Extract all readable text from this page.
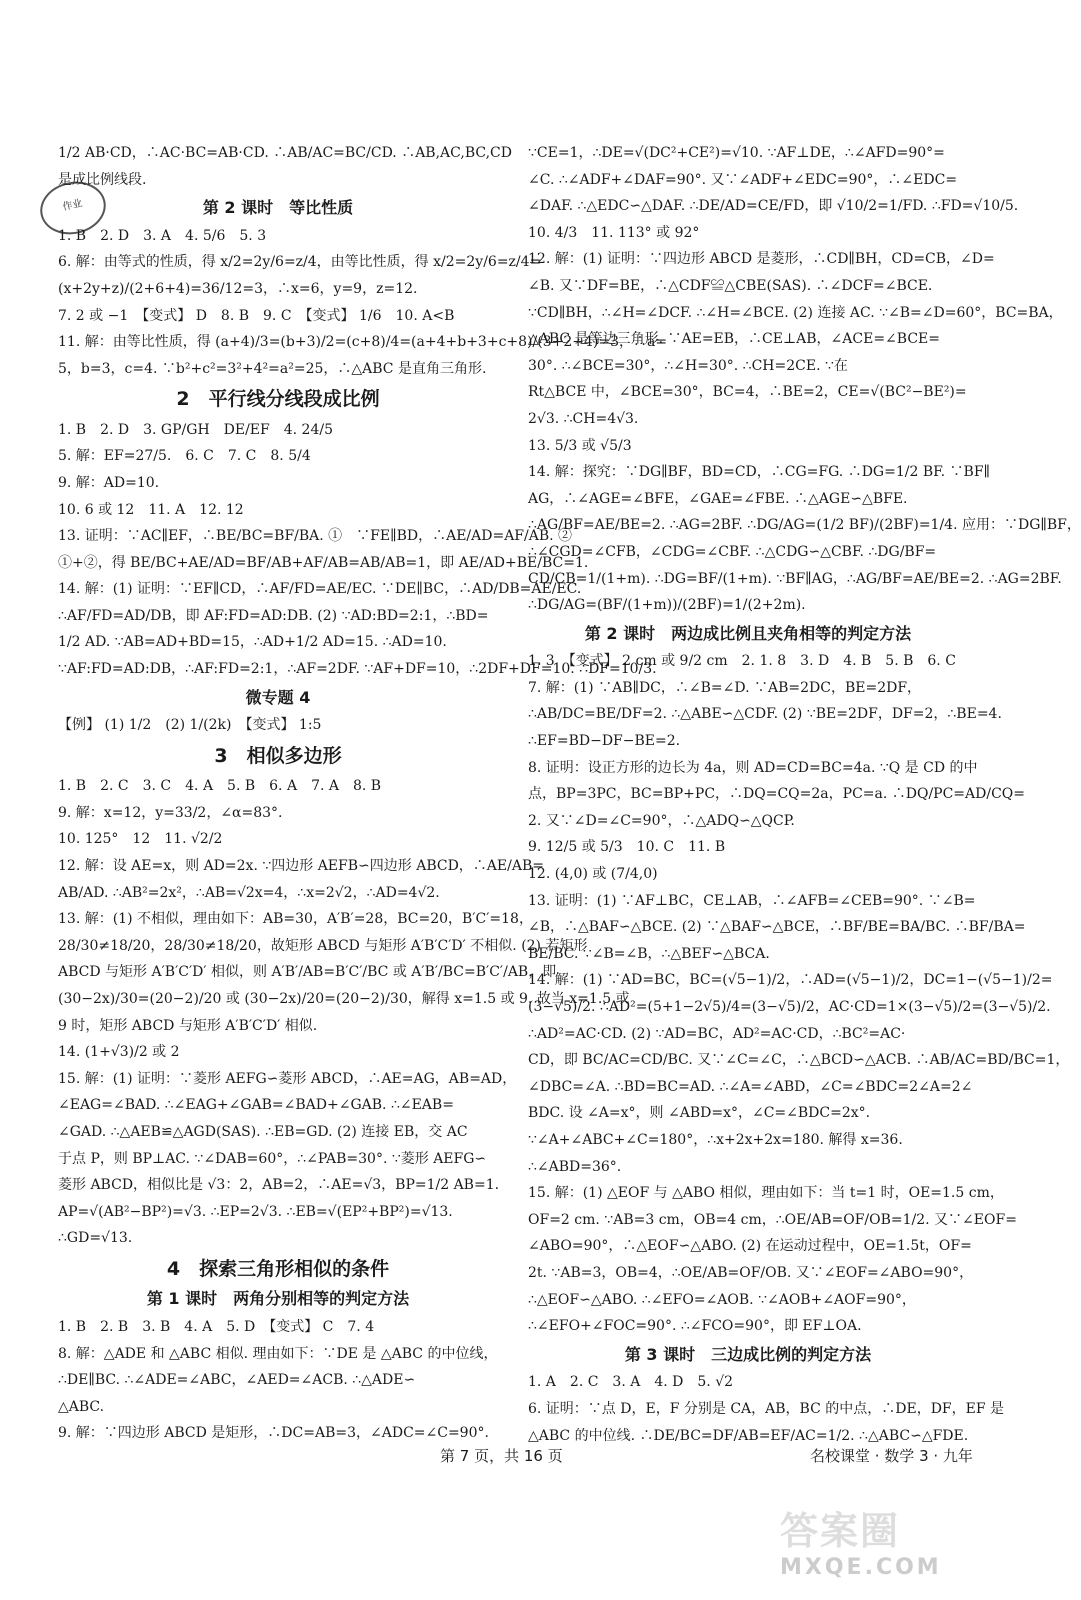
作业
1/2 AB·CD，∴AC·BC=AB·CD. ∴AB/AC=BC/CD. ∴AB,AC,BC,CD
是成比例线段.
第 2 课时　等比性质
1. B　2. D　3. A　4. 5/6　5. 3
6. 解：由等式的性质，得 x/2=2y/6=z/4，由等比性质，得 x/2=2y/6=z/4=
(x+2y+z)/(2+6+4)=36/12=3，∴x=6，y=9，z=12.
7. 2 或 −1　【变式】 D　8. B　9. C　【变式】 1/6　10. A<B
11. 解：由等比性质，得 (a+4)/3=(b+3)/2=(c+8)/4=(a+4+b+3+c+8)/(3+2+4)=3，∴a=
5，b=3，c=4. ∵b²+c²=3²+4²=a²=25，∴△ABC 是直角三角形.
2　平行线分线段成比例
1. B　2. D　3. GP/GH　DE/EF　4. 24/5
5. 解：EF=27/5.　6. C　7. C　8. 5/4
9. 解：AD=10.
10. 6 或 12　11. A　12. 12
13. 证明：∵AC∥EF，∴BE/BC=BF/BA. ①　∵FE∥BD，∴AE/AD=AF/AB. ②
①+②，得 BE/BC+AE/AD=BF/AB+AF/AB=AB/AB=1，即 AE/AD+BE/BC=1.
14. 解：(1) 证明：∵EF∥CD，∴AF/FD=AE/EC. ∵DE∥BC，∴AD/DB=AE/EC.
∴AF/FD=AD/DB，即 AF:FD=AD:DB. (2) ∵AD:BD=2:1，∴BD=
1/2 AD. ∵AB=AD+BD=15，∴AD+1/2 AD=15. ∴AD=10.
∵AF:FD=AD:DB，∴AF:FD=2:1，∴AF=2DF. ∵AF+DF=10，∴2DF+DF=10. ∴DF=10/3.
微专题 4
【例】 (1) 1/2　(2) 1/(2k)　【变式】 1:5
3　相似多边形
1. B　2. C　3. C　4. A　5. B　6. A　7. A　8. B
9. 解：x=12，y=33/2，∠α=83°.
10. 125°　12　11. √2/2
12. 解：设 AE=x，则 AD=2x. ∵四边形 AEFB∽四边形 ABCD，∴AE/AB=
AB/AD. ∴AB²=2x²，∴AB=√2x=4，∴x=2√2，∴AD=4√2.
13. 解：(1) 不相似，理由如下：AB=30，A′B′=28，BC=20，B′C′=18，
28/30≠18/20，28/30≠18/20，故矩形 ABCD 与矩形 A′B′C′D′ 不相似. (2) 若矩形
ABCD 与矩形 A′B′C′D′ 相似，则 A′B′/AB=B′C′/BC 或 A′B′/BC=B′C′/AB，即
(30−2x)/30=(20−2)/20 或 (30−2x)/20=(20−2)/30，解得 x=1.5 或 9. 故当 x=1.5 或
9 时，矩形 ABCD 与矩形 A′B′C′D′ 相似.
14. (1+√3)/2 或 2
15. 解：(1) 证明：∵菱形 AEFG∽菱形 ABCD，∴AE=AG，AB=AD，
∠EAG=∠BAD. ∴∠EAG+∠GAB=∠BAD+∠GAB. ∴∠EAB=
∠GAD. ∴△AEB≌△AGD(SAS). ∴EB=GD. (2) 连接 EB，交 AC
于点 P，则 BP⊥AC. ∵∠DAB=60°，∴∠PAB=30°. ∵菱形 AEFG∽
菱形 ABCD，相似比是 √3：2，AB=2，∴AE=√3，BP=1/2 AB=1.
AP=√(AB²−BP²)=√3. ∴EP=2√3. ∴EB=√(EP²+BP²)=√13.
∴GD=√13.
4　探索三角形相似的条件
第 1 课时　两角分别相等的判定方法
1. B　2. B　3. B　4. A　5. D　【变式】 C　7. 4
8. 解：△ADE 和 △ABC 相似. 理由如下：∵DE 是 △ABC 的中位线，
∴DE∥BC. ∴∠ADE=∠ABC，∠AED=∠ACB. ∴△ADE∽
△ABC.
9. 解：∵四边形 ABCD 是矩形，∴DC=AB=3，∠ADC=∠C=90°.
∵CE=1，∴DE=√(DC²+CE²)=√10. ∵AF⊥DE，∴∠AFD=90°=
∠C. ∴∠ADF+∠DAF=90°. 又∵∠ADF+∠EDC=90°，∴∠EDC=
∠DAF. ∴△EDC∽△DAF. ∴DE/AD=CE/FD，即 √10/2=1/FD. ∴FD=√10/5.
10. 4/3　11. 113° 或 92°
12. 解：(1) 证明：∵四边形 ABCD 是菱形，∴CD∥BH，CD=CB，∠D=
∠B. 又∵DF=BE，∴△CDF≌△CBE(SAS). ∴∠DCF=∠BCE.
∵CD∥BH，∴∠H=∠DCF. ∴∠H=∠BCE. (2) 连接 AC. ∵∠B=∠D=60°，BC=BA，
△ABC 是等边三角形. ∵AE=EB，∴CE⊥AB，∠ACE=∠BCE=
30°. ∴∠BCE=30°，∴∠H=30°. ∴CH=2CE. ∵在
Rt△BCE 中，∠BCE=30°，BC=4，∴BE=2，CE=√(BC²−BE²)=
2√3. ∴CH=4√3.
13. 5/3 或 √5/3
14. 解：探究：∵DG∥BF，BD=CD，∴CG=FG. ∴DG=1/2 BF. ∵BF∥
AG，∴∠AGE=∠BFE，∠GAE=∠FBE. ∴△AGE∽△BFE.
∴AG/BF=AE/BE=2. ∴AG=2BF. ∴DG/AG=(1/2 BF)/(2BF)=1/4. 应用：∵DG∥BF，
∴∠CGD=∠CFB，∠CDG=∠CBF. ∴△CDG∽△CBF. ∴DG/BF=
CD/CB=1/(1+m). ∴DG=BF/(1+m). ∵BF∥AG，∴AG/BF=AE/BE=2. ∴AG=2BF.
∴DG/AG=(BF/(1+m))/(2BF)=1/(2+2m).
第 2 课时　两边成比例且夹角相等的判定方法
1. 3　【变式】 2 cm 或 9/2 cm　2. 1. 8　3. D　4. B　5. B　6. C
7. 解：(1) ∵AB∥DC，∴∠B=∠D. ∵AB=2DC，BE=2DF，
∴AB/DC=BE/DF=2. ∴△ABE∽△CDF. (2) ∵BE=2DF，DF=2，∴BE=4.
∴EF=BD−DF−BE=2.
8. 证明：设正方形的边长为 4a，则 AD=CD=BC=4a. ∵Q 是 CD 的中
点，BP=3PC，BC=BP+PC，∴DQ=CQ=2a，PC=a. ∴DQ/PC=AD/CQ=
2. 又∵∠D=∠C=90°，∴△ADQ∽△QCP.
9. 12/5 或 5/3　10. C　11. B
12. (4,0) 或 (7/4,0)
13. 证明：(1) ∵AF⊥BC，CE⊥AB，∴∠AFB=∠CEB=90°. ∵∠B=
∠B，∴△BAF∽△BCE. (2) ∵△BAF∽△BCE，∴BF/BE=BA/BC. ∴BF/BA=
BE/BC. ∵∠B=∠B，∴△BEF∽△BCA.
14. 解：(1) ∵AD=BC，BC=(√5−1)/2，∴AD=(√5−1)/2，DC=1−(√5−1)/2=
(3−√5)/2. ∴AD²=(5+1−2√5)/4=(3−√5)/2，AC·CD=1×(3−√5)/2=(3−√5)/2.
∴AD²=AC·CD. (2) ∵AD=BC，AD²=AC·CD，∴BC²=AC·
CD，即 BC/AC=CD/BC. 又∵∠C=∠C，∴△BCD∽△ACB. ∴AB/AC=BD/BC=1，
∠DBC=∠A. ∴BD=BC=AD. ∴∠A=∠ABD，∠C=∠BDC=2∠A=2∠
BDC. 设 ∠A=x°，则 ∠ABD=x°，∠C=∠BDC=2x°.
∵∠A+∠ABC+∠C=180°，∴x+2x+2x=180. 解得 x=36.
∴∠ABD=36°.
15. 解：(1) △EOF 与 △ABO 相似，理由如下：当 t=1 时，OE=1.5 cm，
OF=2 cm. ∵AB=3 cm，OB=4 cm，∴OE/AB=OF/OB=1/2. 又∵∠EOF=
∠ABO=90°，∴△EOF∽△ABO. (2) 在运动过程中，OE=1.5t，OF=
2t. ∵AB=3，OB=4，∴OE/AB=OF/OB. 又∵∠EOF=∠ABO=90°，
∴△EOF∽△ABO. ∴∠EFO=∠AOB. ∵∠AOB+∠AOF=90°，
∴∠EFO+∠FOC=90°. ∴∠FCO=90°，即 EF⊥OA.
第 3 课时　三边成比例的判定方法
1. A　2. C　3. A　4. D　5. √2
6. 证明：∵点 D，E，F 分别是 CA，AB，BC 的中点，∴DE，DF，EF 是
△ABC 的中位线. ∴DE/BC=DF/AB=EF/AC=1/2. ∴△ABC∽△FDE.
第 7 页，共 16 页	名校课堂 · 数学 3 · 九年
答案圈
MXQE.COM
